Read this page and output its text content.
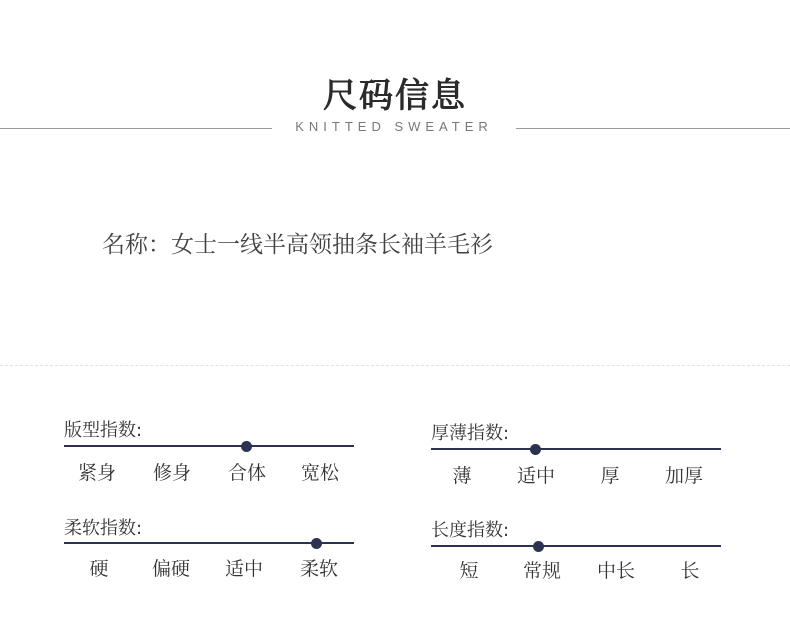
尺码信息
KNITTED SWEATER
名称：女士一线半高领抽条长袖羊毛衫
版型指数:
紧身	修身	合体	宽松
厚薄指数:
薄	适中	厚	加厚
柔软指数:
硬	偏硬	适中	柔软
长度指数:
短	常规	中长	长
